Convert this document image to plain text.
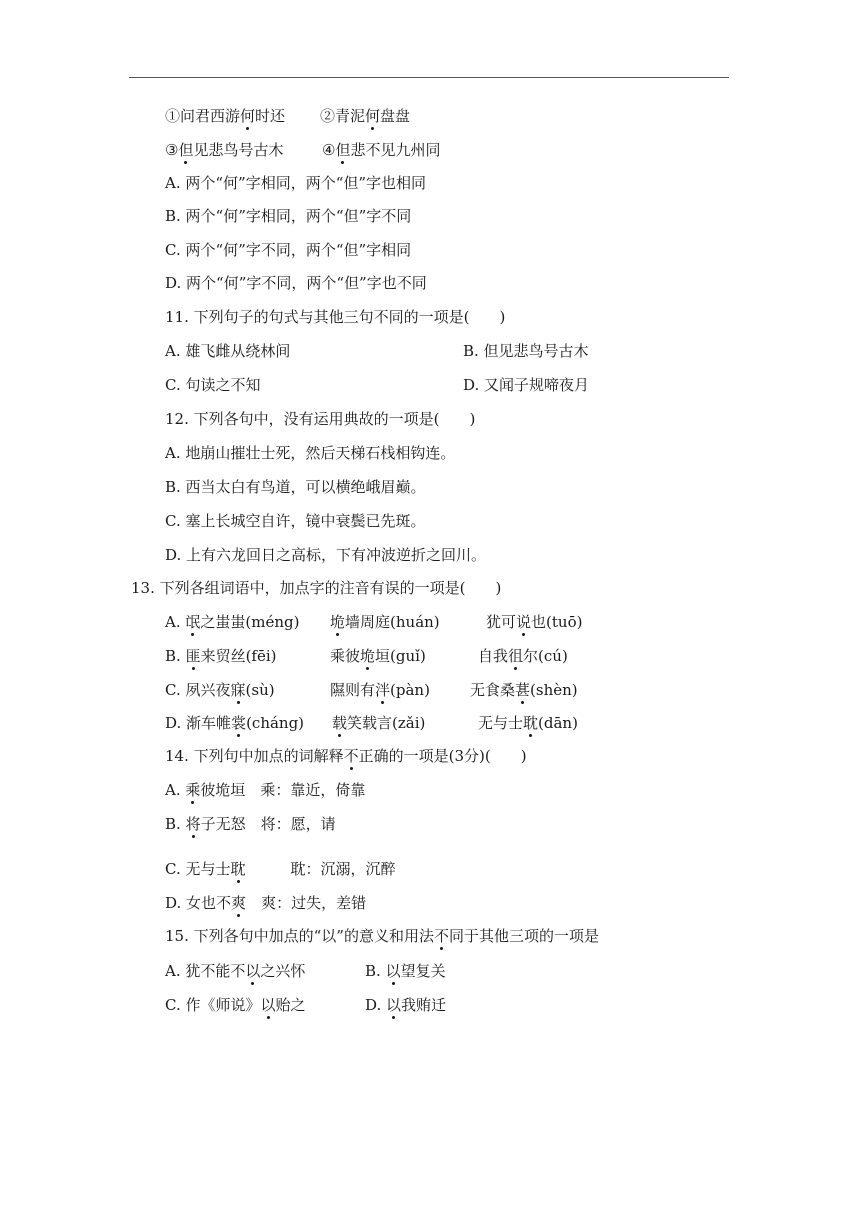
①问君西游何时还 ②青泥何盘盘
③但见悲鸟号古木	④但悲不见九州同
A. 两个“何”字相同，两个“但”字也相同
B. 两个“何”字相同，两个“但”字不同
C. 两个“何”字不同，两个“但”字相同
D. 两个“何”字不同，两个“但”字也不同
11. 下列句子的句式与其他三句不同的一项是(　　)
A. 雄飞雌从绕林间	B. 但见悲鸟号古木
C. 句读之不知	D. 又闻子规啼夜月
12. 下列各句中，没有运用典故的一项是(　　)
A. 地崩山摧壮士死，然后天梯石栈相钩连。
B. 西当太白有鸟道，可以横绝峨眉巅。
C. 塞上长城空自许，镜中衰鬓已先斑。
D. 上有六龙回日之高标，下有冲波逆折之回川。
13. 下列各组词语中，加点字的注音有误的一项是(　　)
A. 氓之蚩蚩(méng) 垝墙周庭(huán)	犹可说也(tuō)
B. 匪来贸丝(fēi)	乘彼垝垣(guǐ)	自我徂尔(cú)
C. 夙兴夜寐(sù)	隰则有泮(pàn)	无食桑葚(shèn)
D. 渐车帷裳(cháng) 载笑载言(zǎi)	无与士耽(dān)
14. 下列句中加点的词解释不正确的一项是(3分)(　　)
A. 乘彼垝垣　乘：靠近，倚靠
B. 将子无怒　将：愿，请
C. 无与士耽　　　耽：沉溺，沉醉
D. 女也不爽　爽：过失，差错
15. 下列各句中加点的“以”的意义和用法不同于其他三项的一项是
A. 犹不能不以之兴怀	B. 以望复关
C. 作《师说》以贻之	D. 以我贿迁
